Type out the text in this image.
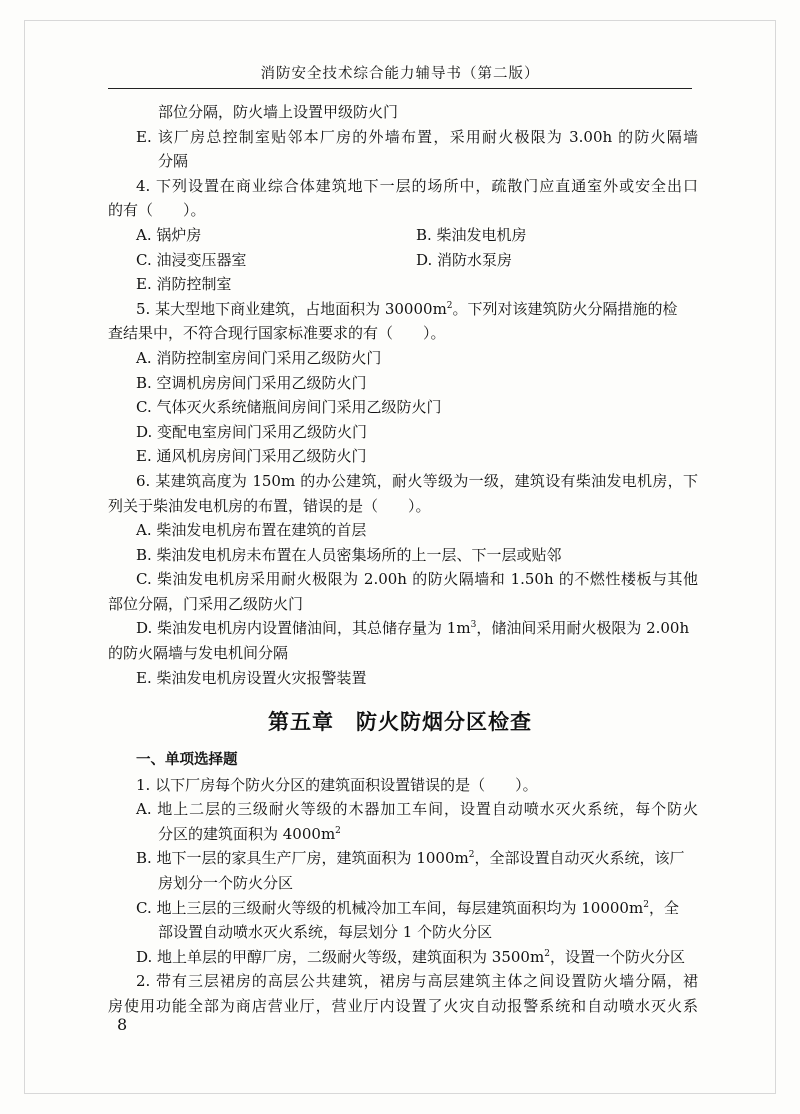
消防安全技术综合能力辅导书（第二版）
部位分隔，防火墙上设置甲级防火门
E. 该厂房总控制室贴邻本厂房的外墙布置，采用耐火极限为 3.00h 的防火隔墙
分隔
4. 下列设置在商业综合体建筑地下一层的场所中，疏散门应直通室外或安全出口
的有（　　）。
A. 锅炉房	B. 柴油发电机房
C. 油浸变压器室	D. 消防水泵房
E. 消防控制室
5. 某大型地下商业建筑，占地面积为 $30000m^2$。下列对该建筑防火分隔措施的检
查结果中，不符合现行国家标准要求的有（　　）。
A. 消防控制室房间门采用乙级防火门
B. 空调机房房间门采用乙级防火门
C. 气体灭火系统储瓶间房间门采用乙级防火门
D. 变配电室房间门采用乙级防火门
E. 通风机房房间门采用乙级防火门
6. 某建筑高度为 150m 的办公建筑，耐火等级为一级，建筑设有柴油发电机房，下
列关于柴油发电机房的布置，错误的是（　　）。
A. 柴油发电机房布置在建筑的首层
B. 柴油发电机房未布置在人员密集场所的上一层、下一层或贴邻
C. 柴油发电机房采用耐火极限为 2.00h 的防火隔墙和 1.50h 的不燃性楼板与其他
部位分隔，门采用乙级防火门
D. 柴油发电机房内设置储油间，其总储存量为 $1m^3$，储油间采用耐火极限为 2.00h
的防火隔墙与发电机间分隔
E. 柴油发电机房设置火灾报警装置
第五章 防火防烟分区检查
一、单项选择题
1. 以下厂房每个防火分区的建筑面积设置错误的是（　　）。
A. 地上二层的三级耐火等级的木器加工车间，设置自动喷水灭火系统，每个防火
分区的建筑面积为 $4000m^2$
B. 地下一层的家具生产厂房，建筑面积为 $1000m^2$，全部设置自动灭火系统，该厂
房划分一个防火分区
C. 地上三层的三级耐火等级的机械冷加工车间，每层建筑面积均为 $10000m^2$，全
部设置自动喷水灭火系统，每层划分 1 个防火分区
D. 地上单层的甲醇厂房，二级耐火等级，建筑面积为 $3500m^2$，设置一个防火分区
2. 带有三层裙房的高层公共建筑，裙房与高层建筑主体之间设置防火墙分隔，裙
房使用功能全部为商店营业厅，营业厅内设置了火灾自动报警系统和自动喷水灭火系
8
